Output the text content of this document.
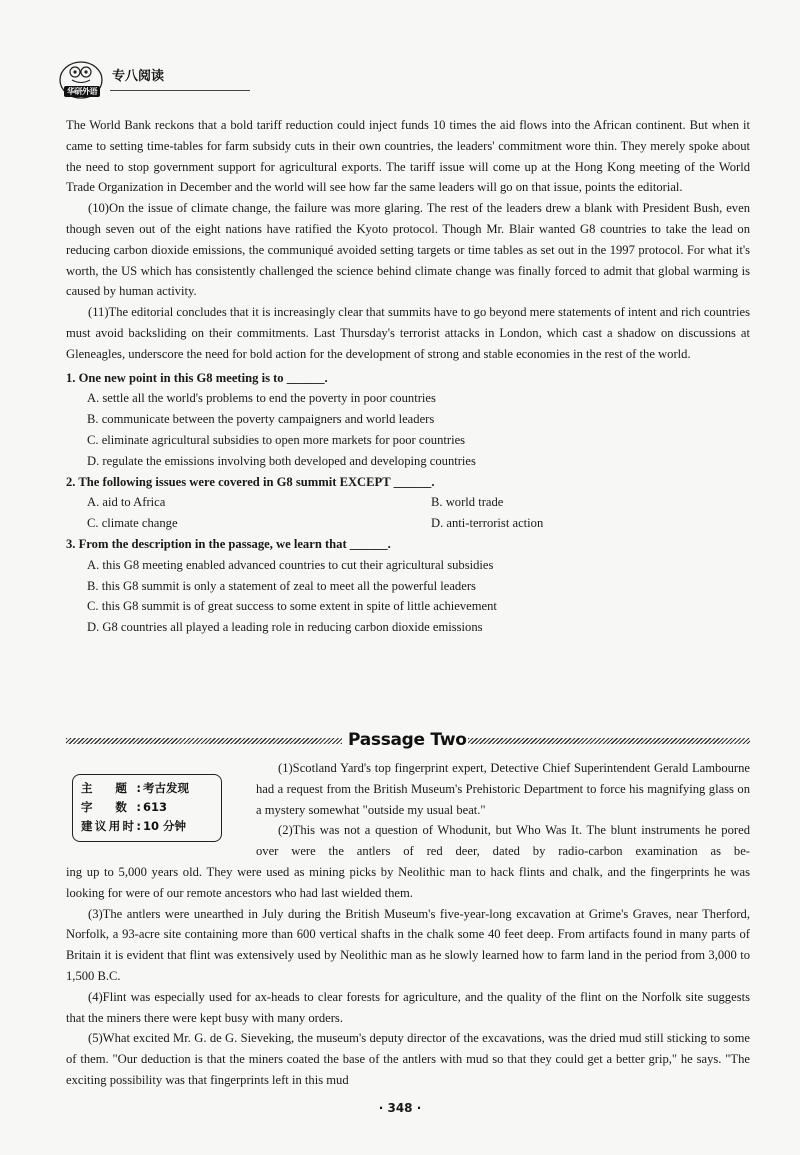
华研外语
专八阅读

The World Bank reckons that a bold tariff reduction could inject funds 10 times the aid flows into the African continent. But when it came to setting time-tables for farm subsidy cuts in their own countries, the leaders' commitment wore thin. They merely spoke about the need to stop government support for agricultural exports. The tariff issue will come up at the Hong Kong meeting of the World Trade Organization in December and the world will see how far the same leaders will go on that issue, points the editorial.

(10)On the issue of climate change, the failure was more glaring. The rest of the leaders drew a blank with President Bush, even though seven out of the eight nations have ratified the Kyoto protocol. Though Mr. Blair wanted G8 countries to take the lead on reducing carbon dioxide emissions, the communiqué avoided setting targets or time tables as set out in the 1997 protocol. For what it's worth, the US which has consistently challenged the science behind climate change was finally forced to admit that global warming is caused by human activity.

(11)The editorial concludes that it is increasingly clear that summits have to go beyond mere statements of intent and rich countries must avoid backsliding on their commitments. Last Thursday's terrorist attacks in London, which cast a shadow on discussions at Gleneagles, underscore the need for bold action for the development of strong and stable economies in the rest of the world.

1. One new point in this G8 meeting is to ______.

A. settle all the world's problems to end the poverty in poor countries

B. communicate between the poverty campaigners and world leaders

C. eliminate agricultural subsidies to open more markets for poor countries

D. regulate the emissions involving both developed and developing countries

2. The following issues were covered in G8 summit EXCEPT ______.

A. aid to Africa	B. world trade
C. climate change	D. anti-terrorist action

3. From the description in the passage, we learn that ______.

A. this G8 meeting enabled advanced countries to cut their agricultural subsidies

B. this G8 summit is only a statement of zeal to meet all the powerful leaders

C. this G8 summit is of great success to some extent in spite of little achievement

D. G8 countries all played a leading role in reducing carbon dioxide emissions

Passage Two
主 题: 考古发现
字 数: 613
建议用时: 10 分钟

(1)Scotland Yard's top fingerprint expert, Detective Chief Superintendent Gerald Lambourne had a request from the British Museum's Prehistoric Department to force his magnifying glass on a mystery somewhat "outside my usual beat."

(2)This was not a question of Whodunit, but Who Was It. The blunt instruments he pored over were the antlers of red deer, dated by radio-carbon examination as be-

ing up to 5,000 years old. They were used as mining picks by Neolithic man to hack flints and chalk, and the fingerprints he was looking for were of our remote ancestors who had last wielded them.

(3)The antlers were unearthed in July during the British Museum's five-year-long excavation at Grime's Graves, near Therford, Norfolk, a 93-acre site containing more than 600 vertical shafts in the chalk some 40 feet deep. From artifacts found in many parts of Britain it is evident that flint was extensively used by Neolithic man as he slowly learned how to farm land in the period from 3,000 to 1,500 B.C.

(4)Flint was especially used for ax-heads to clear forests for agriculture, and the quality of the flint on the Norfolk site suggests that the miners there were kept busy with many orders.

(5)What excited Mr. G. de G. Sieveking, the museum's deputy director of the excavations, was the dried mud still sticking to some of them. "Our deduction is that the miners coated the base of the antlers with mud so that they could get a better grip," he says. "The exciting possibility was that fingerprints left in this mud

· 348 ·
